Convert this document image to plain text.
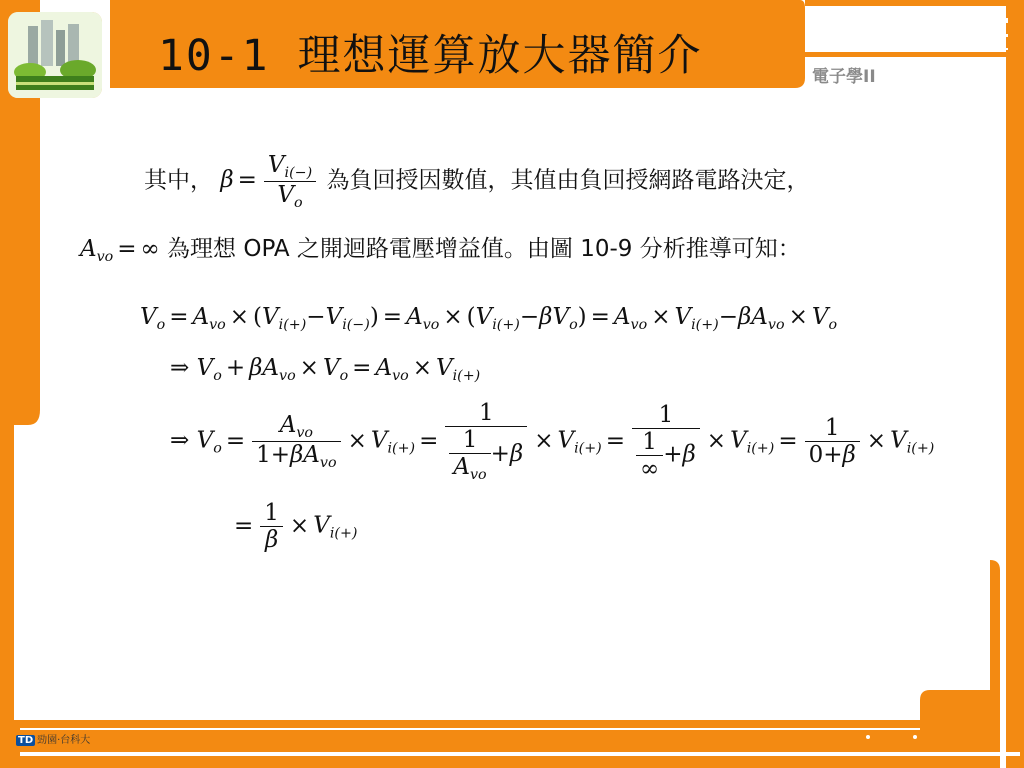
10-1 理想運算放大器簡介	電子學II
其中， $\beta = \frac{V_{i(-)}}{V_o}$ 為負回授因數值，其值由負回授網路電路決定，
$A_{vo}$ = ∞ 為理想 OPA 之開迴路電壓增益值。由圖 10-9 分析推導可知：
$V_o = A_{vo} \times (V_{i(+)}-V_{i(-)}) = A_{vo} \times (V_{i(+)}-\beta V_o) = A_{vo} \times V_{i(+)}-\beta A_{vo} \times V_o$
⇒ $V_o + \beta A_{vo} \times V_o = A_{vo} \times V_{i(+)}$
⇒ $V_o = \frac{A_{vo}}{1+\beta A_{vo}} \times V_{i(+)} = \frac{1}{\frac{1}{A_{vo}} +\beta} \times V_{i(+)} = \frac{1}{\frac{1}{\infty} +\beta} \times V_{i(+)} = \frac{1}{0+\beta} \times V_{i(+)}$
= $\frac{1}{\beta} \times V_{i(+)}$
TD 勁園‧台科大
